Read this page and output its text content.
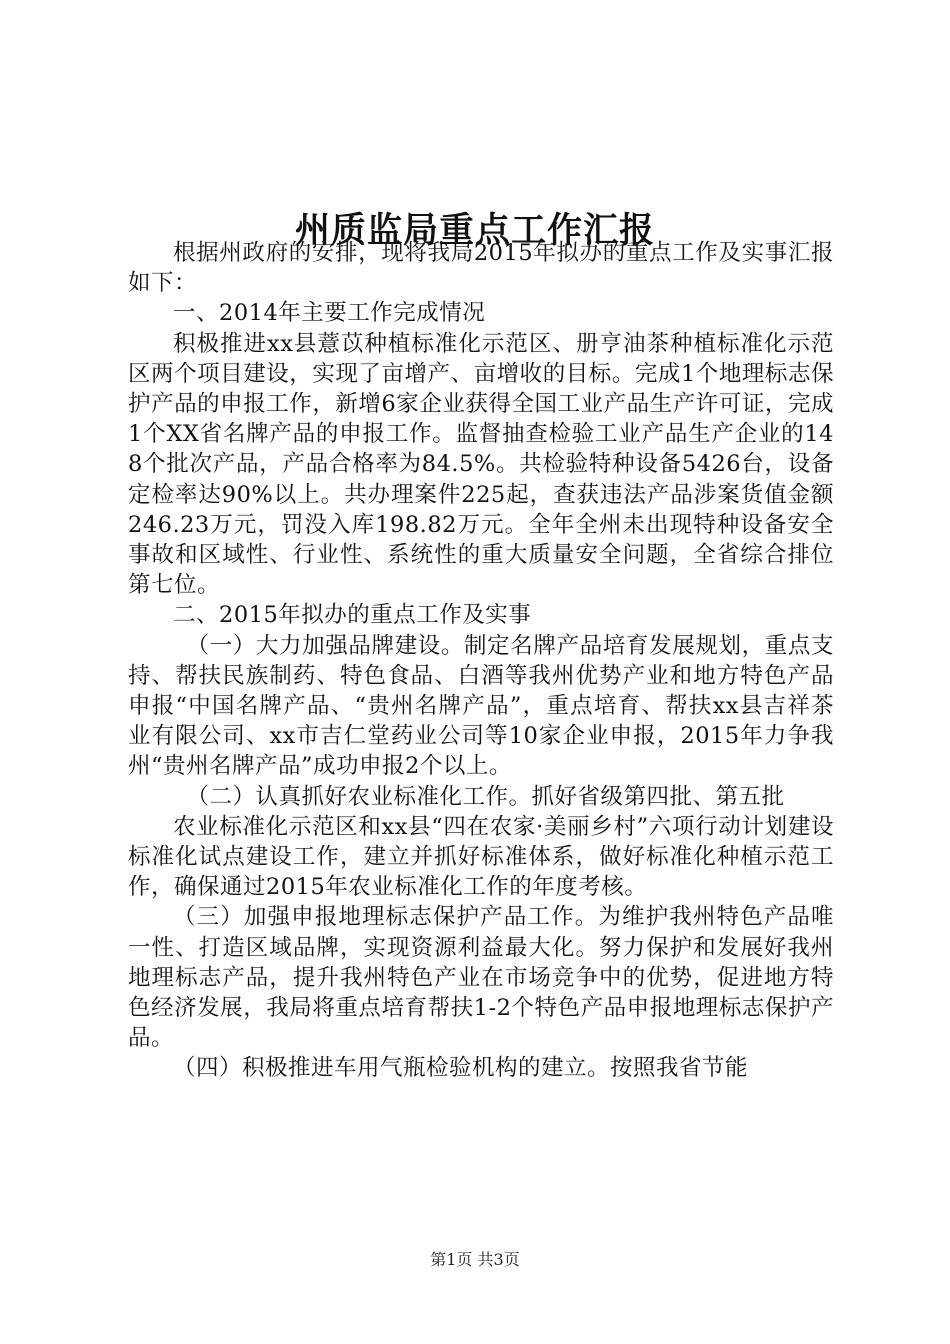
州质监局重点工作汇报

根据州政府的安排，现将我局2015年拟办的重点工作及实事汇报如下：

一、2014年主要工作完成情况

积极推进xx县薏苡种植标准化示范区、册亨油茶种植标准化示范区两个项目建设，实现了亩增产、亩增收的目标。完成1个地理标志保护产品的申报工作，新增6家企业获得全国工业产品生产许可证，完成1个XX省名牌产品的申报工作。监督抽查检验工业产品生产企业的148个批次产品，产品合格率为84.5%。共检验特种设备5426台，设备定检率达90%以上。共办理案件225起，查获违法产品涉案货值金额246.23万元，罚没入库198.82万元。全年全州未出现特种设备安全事故和区域性、行业性、系统性的重大质量安全问题，全省综合排位第七位。

二、2015年拟办的重点工作及实事

（一）大力加强品牌建设。制定名牌产品培育发展规划，重点支持、帮扶民族制药、特色食品、白酒等我州优势产业和地方特色产品申报“中国名牌产品、“贵州名牌产品”，重点培育、帮扶xx县吉祥茶业有限公司、xx市吉仁堂药业公司等10家企业申报，2015年力争我州“贵州名牌产品”成功申报2个以上。

（二）认真抓好农业标准化工作。抓好省级第四批、第五批

农业标准化示范区和xx县“四在农家·美丽乡村”六项行动计划建设标准化试点建设工作，建立并抓好标准体系，做好标准化种植示范工作，确保通过2015年农业标准化工作的年度考核。

（三）加强申报地理标志保护产品工作。为维护我州特色产品唯一性、打造区域品牌，实现资源利益最大化。努力保护和发展好我州地理标志产品，提升我州特色产业在市场竞争中的优势，促进地方特色经济发展，我局将重点培育帮扶1-2个特色产品申报地理标志保护产品。

（四）积极推进车用气瓶检验机构的建立。按照我省节能

第1页 共3页
